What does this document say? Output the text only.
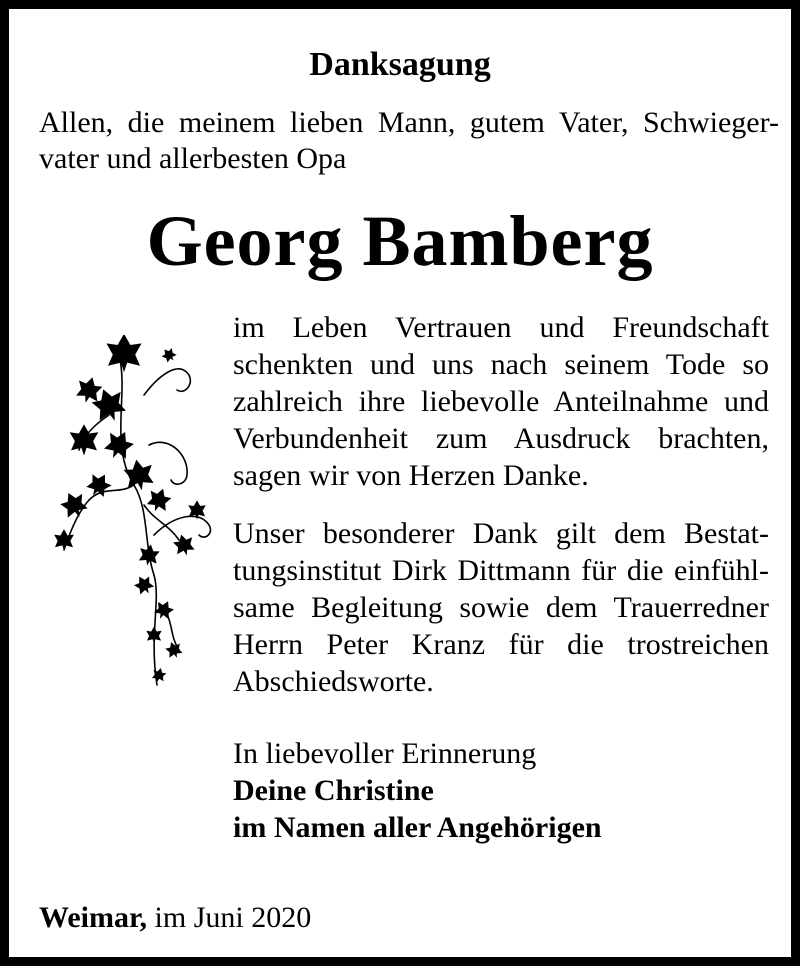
Danksagung
Allen, die meinem lieben Mann, gutem Vater, Schwieger-
vater und allerbesten Opa
Georg Bamberg
im Leben Vertrauen und Freundschaft
schenkten und uns nach seinem Tode so
zahlreich ihre liebevolle Anteilnahme und
Verbundenheit zum Ausdruck brachten,
sagen wir von Herzen Danke.
Unser besonderer Dank gilt dem Bestat-
tungsinstitut Dirk Dittmann für die einfühl-
same Begleitung sowie dem Trauerredner
Herrn Peter Kranz für die trostreichen
Abschiedsworte.
In liebevoller Erinnerung
Deine Christine
im Namen aller Angehörigen
Weimar, im Juni 2020
